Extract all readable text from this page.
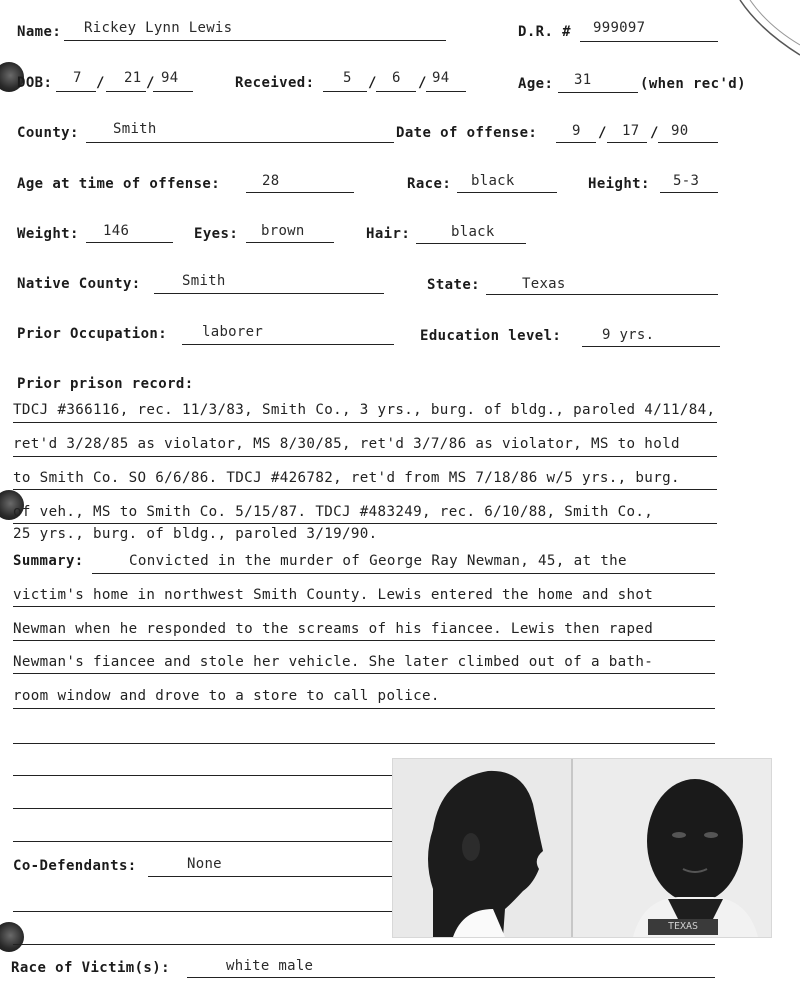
Name: Rickey Lynn Lewis	D.R. # 999097
DOB: 7 / 21 / 94	Received: 5 / 6 / 94	Age: 31	(when rec'd)
County: Smith	Date of offense: 9 / 17 / 90
Age at time of offense:	28	Race: black	Height: 5-3
Weight: 146	Eyes: brown	Hair:	black
Native County:	Smith	State:	Texas
Prior Occupation: laborer	Education level:	9 yrs.
Prior prison record:
TDCJ #366116, rec. 11/3/83, Smith Co., 3 yrs., burg. of bldg., paroled 4/11/84,
ret'd 3/28/85 as violator, MS 8/30/85, ret'd 3/7/86 as violator, MS to hold
to Smith Co. SO 6/6/86. TDCJ #426782, ret'd from MS 7/18/86 w/5 yrs., burg.
of veh., MS to Smith Co. 5/15/87. TDCJ #483249, rec. 6/10/88, Smith Co.,
25 yrs., burg. of bldg., paroled 3/19/90.
Summary:	Convicted in the murder of George Ray Newman, 45, at the
victim's home in northwest Smith County. Lewis entered the home and shot
Newman when he responded to the screams of his fiancee. Lewis then raped
Newman's fiancee and stole her vehicle. She later climbed out of a bath-
room window and drove to a store to call police.
Co-Defendants:	None
Race of Victim(s):	white male
TEXAS
